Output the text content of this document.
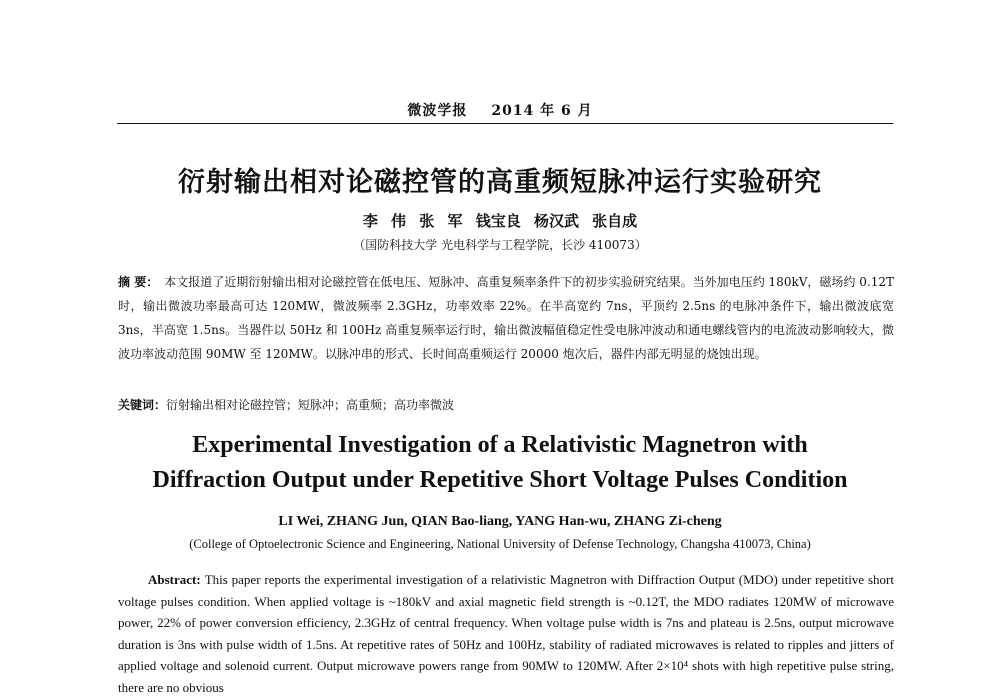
微波学报 2014 年 6 月
衍射输出相对论磁控管的高重频短脉冲运行实验研究
李 伟 张 军 钱宝良 杨汉武 张自成
（国防科技大学 光电科学与工程学院，长沙 410073）
摘 要： 本文报道了近期衍射输出相对论磁控管在低电压、短脉冲、高重复频率条件下的初步实验研究结果。当外加电压约 180kV，磁场约 0.12T 时，输出微波功率最高可达 120MW，微波频率 2.3GHz，功率效率 22%。在半高宽约 7ns，平顶约 2.5ns 的电脉冲条件下，输出微波底宽 3ns，半高宽 1.5ns。当器件以 50Hz 和 100Hz 高重复频率运行时，输出微波幅值稳定性受电脉冲波动和通电螺线管内的电流波动影响较大，微波功率波动范围 90MW 至 120MW。以脉冲串的形式、长时间高重频运行 20000 炮次后，器件内部无明显的烧蚀出现。
关键词：衍射输出相对论磁控管；短脉冲；高重频；高功率微波
Experimental Investigation of a Relativistic Magnetron with
Diffraction Output under Repetitive Short Voltage Pulses Condition
LI Wei, ZHANG Jun, QIAN Bao-liang, YANG Han-wu, ZHANG Zi-cheng
(College of Optoelectronic Science and Engineering, National University of Defense Technology, Changsha 410073, China)
Abstract: This paper reports the experimental investigation of a relativistic Magnetron with Diffraction Output (MDO) under repetitive short voltage pulses condition. When applied voltage is ~180kV and axial magnetic field strength is ~0.12T, the MDO radiates 120MW of microwave power, 22% of power conversion efficiency, 2.3GHz of central frequency. When voltage pulse width is 7ns and plateau is 2.5ns, output microwave duration is 3ns with pulse width of 1.5ns. At repetitive rates of 50Hz and 100Hz, stability of radiated microwaves is related to ripples and jitters of applied voltage and solenoid current. Output microwave powers range from 90MW to 120MW. After 2×10⁴ shots with high repetitive pulse string, there are no obvious
